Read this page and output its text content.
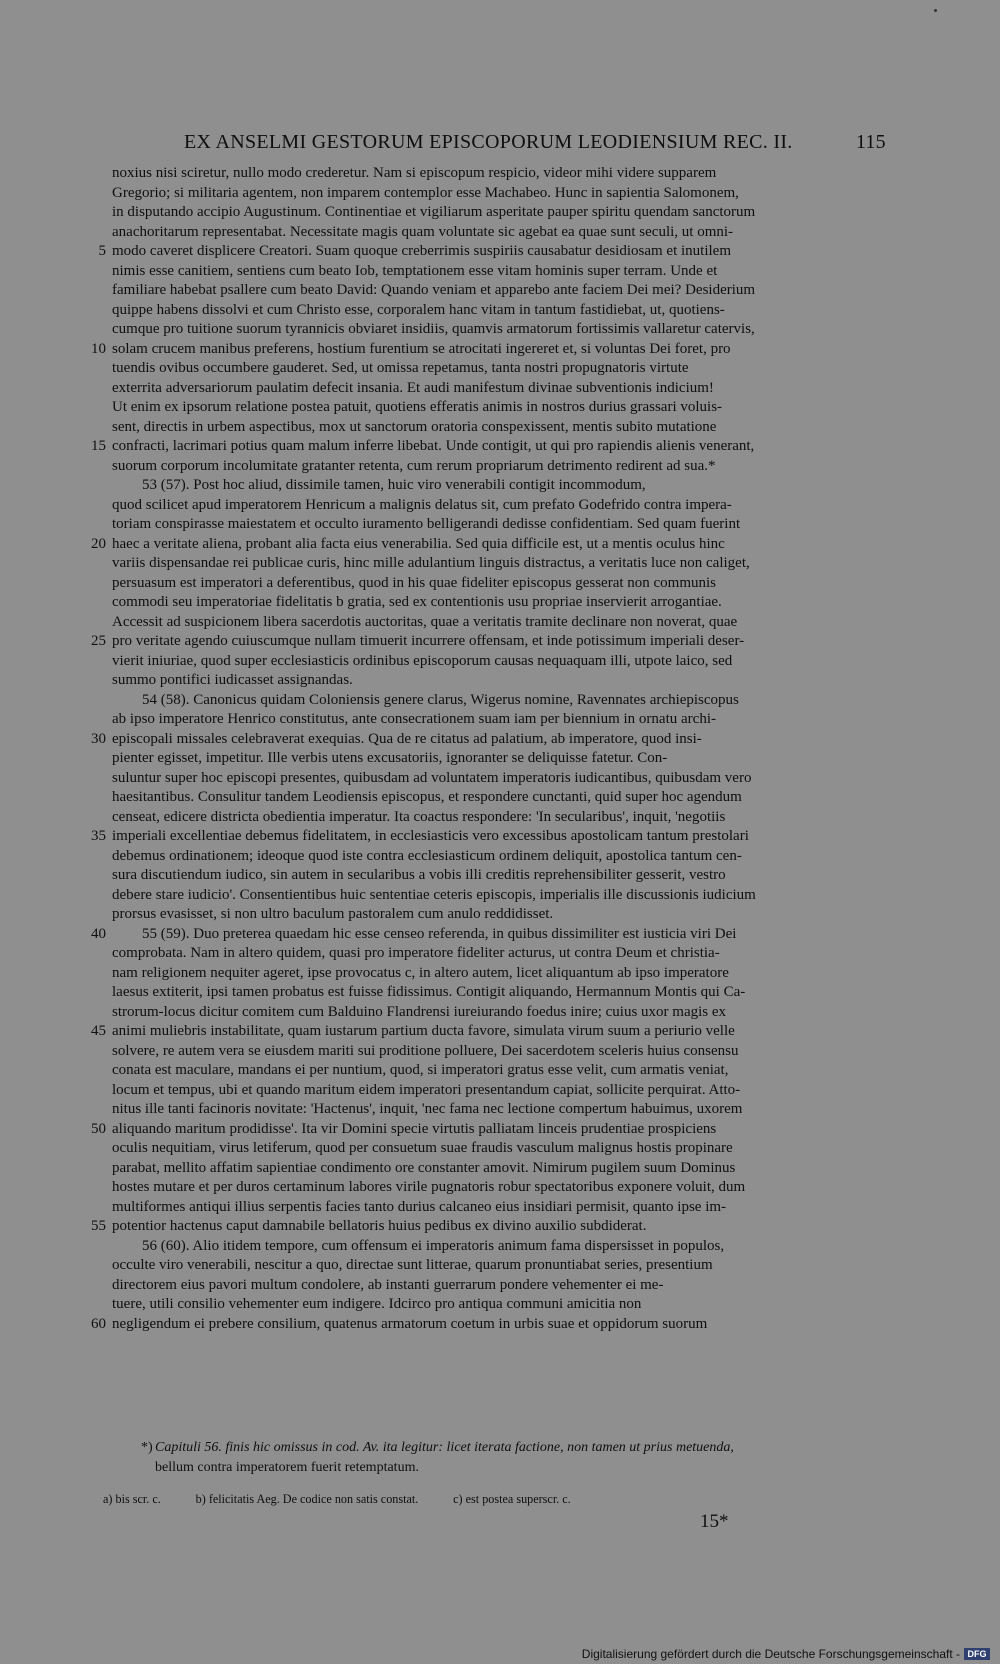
EX ANSELMI GESTORUM EPISCOPORUM LEODIENSIUM REC. II.	115
noxius nisi sciretur, nullo modo crederetur. Nam si episcopum respicio, videor mihi videre supparem
Gregorio; si militaria agentem, non imparem contemplor esse Machabeo. Hunc in sapientia Salomonem,
in disputando accipio Augustinum. Continentiae et vigiliarum asperitate pauper spiritu quendam sanctorum
anachoritarum representabat. Necessitate magis quam voluntate sic agebat ea quae sunt seculi, ut omni-
5 modo caveret displicere Creatori. Suam quoque creberrimis suspiriis causabatur desidiosam et inutilem
nimis esse canitiem, sentiens cum beato Iob, temptationem esse vitam hominis super terram. Unde et
familiare habebat psallere cum beato David: Quando veniam et apparebo ante faciem Dei mei? Desiderium
quippe habens dissolvi et cum Christo esse, corporalem hanc vitam in tantum fastidiebat, ut, quotiens-
cumque pro tuitione suorum tyrannicis obviaret insidiis, quamvis armatorum fortissimis vallaretur catervis,
10 solam crucem manibus preferens, hostium furentium se atrocitati ingereret et, si voluntas Dei foret, pro
tuendis ovibus occumbere gauderet. Sed, ut omissa repetamus, tanta nostri propugnatoris virtute
exterrita adversariorum paulatim defecit insania. Et audi manifestum divinae subventionis indicium!
Ut enim ex ipsorum relatione postea patuit, quotiens efferatis animis in nostros durius grassari voluis-
sent, directis in urbem aspectibus, mox ut sanctorum oratoria conspexissent, mentis subito mutatione
15 confracti, lacrimari potius quam malum inferre libebat. Unde contigit, ut qui pro rapiendis alienis venerant,
suorum corporum incolumitate gratanter retenta, cum rerum propriarum detrimento redirent ad sua.*
53 (57). Post hoc aliud, dissimile tamen, huic viro venerabili contigit incommodum,
quod scilicet apud imperatorem Henricum a malignis delatus sit, cum prefato Godefrido contra impera-
toriam conspirasse maiestatem et occulto iuramento belligerandi dedisse confidentiam. Sed quam fuerint
20 haec a veritate aliena, probant alia facta eius venerabilia. Sed quia difficile est, ut a mentis oculus hinc
variis dispensandae rei publicae curis, hinc mille adulantium linguis distractus, a veritatis luce non caliget,
persuasum est imperatori a deferentibus, quod in his quae fideliter episcopus gesserat non communis
commodi seu imperatoriae fidelitatis b gratia, sed ex contentionis usu propriae inservierit arrogantiae.
Accessit ad suspicionem libera sacerdotis auctoritas, quae a veritatis tramite declinare non noverat, quae
25 pro veritate agendo cuiuscumque nullam timuerit incurrere offensam, et inde potissimum imperiali deser-
vierit iniuriae, quod super ecclesiasticis ordinibus episcoporum causas nequaquam illi, utpote laico, sed
summo pontifici iudicasset assignandas.
54 (58). Canonicus quidam Coloniensis genere clarus, Wigerus nomine, Ravennates archiepiscopus
ab ipso imperatore Henrico constitutus, ante consecrationem suam iam per biennium in ornatu archi-
30 episcopali missales celebraverat exequias. Qua de re citatus ad palatium, ab imperatore, quod insi-
pienter egisset, impetitur. Ille verbis utens excusatoriis, ignoranter se deliquisse fatetur. Con-
suluntur super hoc episcopi presentes, quibusdam ad voluntatem imperatoris iudicantibus, quibusdam vero
haesitantibus. Consulitur tandem Leodiensis episcopus, et respondere cunctanti, quid super hoc agendum
censeat, edicere districta obedientia imperatur. Ita coactus respondere: 'In secularibus', inquit, 'negotiis
35 imperiali excellentiae debemus fidelitatem, in ecclesiasticis vero excessibus apostolicam tantum prestolari
debemus ordinationem; ideoque quod iste contra ecclesiasticum ordinem deliquit, apostolica tantum cen-
sura discutiendum iudico, sin autem in secularibus a vobis illi creditis reprehensibiliter gesserit, vestro
debere stare iudicio'. Consentientibus huic sententiae ceteris episcopis, imperialis ille discussionis iudicium
prorsus evasisset, si non ultro baculum pastoralem cum anulo reddidisset.
40 55 (59). Duo preterea quaedam hic esse censeo referenda, in quibus dissimiliter est iusticia viri Dei
comprobata. Nam in altero quidem, quasi pro imperatore fideliter acturus, ut contra Deum et christia-
nam religionem nequiter ageret, ipse provocatus c, in altero autem, licet aliquantum ab ipso imperatore
laesus extiterit, ipsi tamen probatus est fuisse fidissimus. Contigit aliquando, Hermannum Montis qui Ca-
strorum-locus dicitur comitem cum Balduino Flandrensi iureiurando foedus inire; cuius uxor magis ex
45 animi muliebris instabilitate, quam iustarum partium ducta favore, simulata virum suum a periurio velle
solvere, re autem vera se eiusdem mariti sui proditione polluere, Dei sacerdotem sceleris huius consensu
conata est maculare, mandans ei per nuntium, quod, si imperatori gratus esse velit, cum armatis veniat,
locum et tempus, ubi et quando maritum eidem imperatori presentandum capiat, sollicite perquirat. Atto-
nitus ille tanti facinoris novitate: 'Hactenus', inquit, 'nec fama nec lectione compertum habuimus, uxorem
50 aliquando maritum prodidisse'. Ita vir Domini specie virtutis palliatam linceis prudentiae prospiciens
oculis nequitiam, virus letiferum, quod per consuetum suae fraudis vasculum malignus hostis propinare
parabat, mellito affatim sapientiae condimento ore constanter amovit. Nimirum pugilem suum Dominus
hostes mutare et per duros certaminum labores virile pugnatoris robur spectatoribus exponere voluit, dum
multiformes antiqui illius serpentis facies tanto durius calcaneo eius insidiari permisit, quanto ipse im-
55 potentior hactenus caput damnabile bellatoris huius pedibus ex divino auxilio subdiderat.
56 (60). Alio itidem tempore, cum offensum ei imperatoris animum fama dispersisset in populos,
occulte viro venerabili, nescitur a quo, directae sunt litterae, quarum pronuntiabat series, presentium
directorem eius pavori multum condolere, ab instanti guerrarum pondere vehementer ei me-
tuere, utili consilio vehementer eum indigere. Idcirco pro antiqua communi amicitia non
60 negligendum ei prebere consilium, quatenus armatorum coetum in urbis suae et oppidorum suorum
*) Capituli 56. finis hic omissus in cod. Av. ita legitur: licet iterata factione, non tamen ut prius metuenda,
bellum contra imperatorem fuerit retemptatum.
a) bis scr. c.	b) felicitatis Aeg. De codice non satis constat.	c) est postea superscr. c.
15*
Digitalisierung gefördert durch die Deutsche Forschungsgemeinschaft - DFG
